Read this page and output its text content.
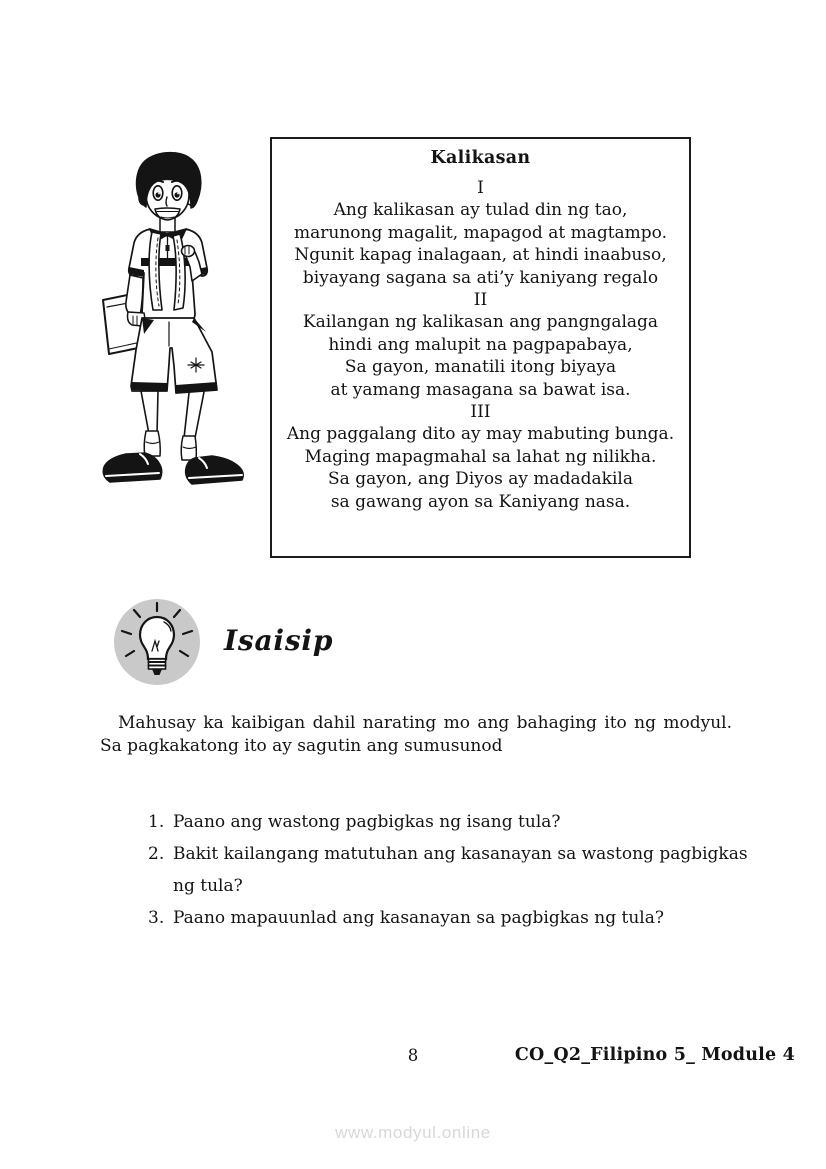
Kalikasan
I
Ang kalikasan ay tulad din ng tao,
marunong magalit, mapagod at magtampo.
Ngunit kapag inalagaan, at hindi inaabuso,
biyayang sagana sa ati’y kaniyang regalo
II
Kailangan ng kalikasan ang pangngalaga
hindi ang malupit na pagpapabaya,
Sa gayon, manatili itong biyaya
at yamang masagana sa bawat isa.
III
Ang paggalang dito ay may mabuting bunga.
Maging mapagmahal sa lahat ng nilikha.
Sa gayon, ang Diyos ay madadakila
sa gawang ayon sa Kaniyang nasa.
Isaisip

Mahusay ka kaibigan dahil narating mo ang bahaging ito ng modyul. Sa pagkakatong ito ay sagutin ang sumusunod

1. Paano ang wastong pagbigkas ng isang tula?
2. Bakit kailangang matutuhan ang kasanayan sa wastong pagbigkas ng tula?
3. Paano mapauunlad ang kasanayan sa pagbigkas ng tula?
8	CO_Q2_Filipino 5_ Module 4
www.modyul.online
